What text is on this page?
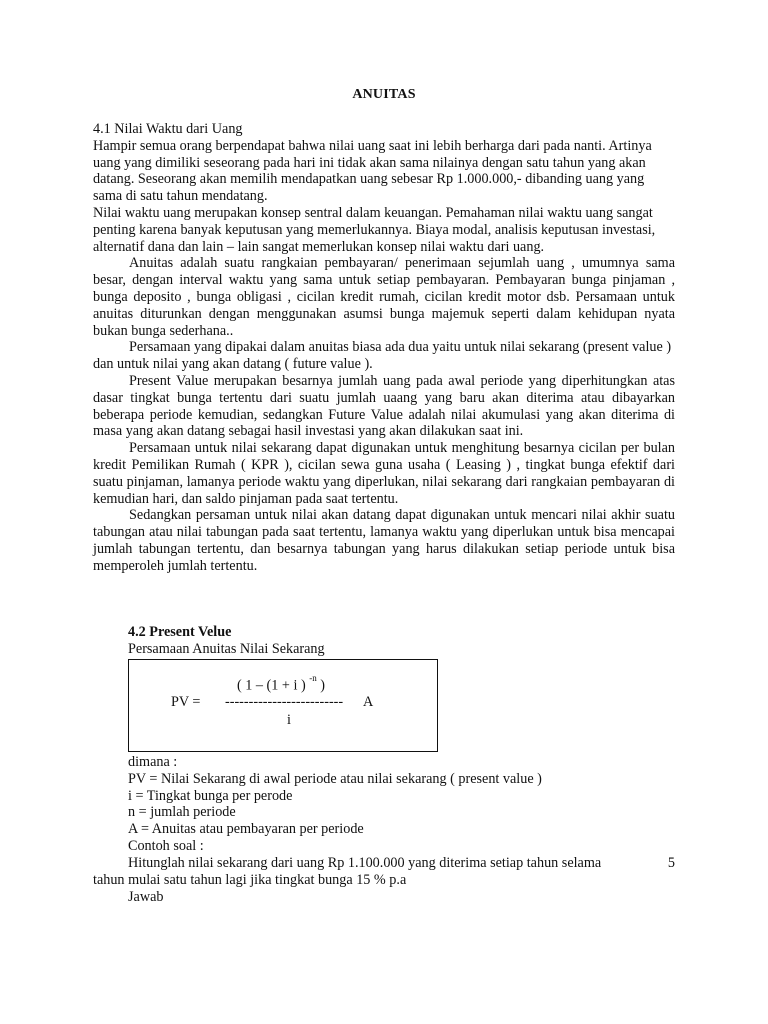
ANUITAS

4.1 Nilai Waktu dari Uang

Hampir semua orang berpendapat bahwa nilai uang saat ini lebih berharga dari pada nanti. Artinya uang yang dimiliki seseorang pada hari ini tidak akan sama nilainya dengan satu tahun yang akan datang. Seseorang akan memilih mendapatkan uang sebesar Rp 1.000.000,- dibanding uang yang sama di satu tahun mendatang.

Nilai waktu uang merupakan konsep sentral dalam keuangan. Pemahaman nilai waktu uang sangat penting karena banyak keputusan yang memerlukannya. Biaya modal, analisis keputusan investasi, alternatif dana dan lain – lain sangat memerlukan konsep nilai waktu dari uang.

Anuitas adalah suatu rangkaian pembayaran/ penerimaan sejumlah uang , umumnya sama besar, dengan interval waktu yang sama untuk setiap pembayaran. Pembayaran bunga pinjaman , bunga deposito , bunga obligasi , cicilan kredit rumah, cicilan kredit motor dsb. Persamaan untuk anuitas diturunkan dengan menggunakan asumsi bunga majemuk seperti dalam kehidupan nyata bukan bunga sederhana..

Persamaan yang dipakai dalam anuitas biasa ada dua yaitu untuk nilai sekarang (present value ) dan untuk nilai yang akan datang ( future value ).

Present Value merupakan besarnya jumlah uang pada awal periode yang diperhitungkan atas dasar tingkat bunga tertentu dari suatu jumlah uaang yang baru akan diterima atau dibayarkan beberapa periode kemudian, sedangkan Future Value adalah nilai akumulasi yang akan diterima di masa yang akan datang sebagai hasil investasi yang akan dilakukan saat ini.

Persamaan untuk nilai sekarang dapat digunakan untuk menghitung besarnya cicilan per bulan kredit Pemilikan Rumah ( KPR ), cicilan sewa guna usaha ( Leasing ) , tingkat bunga efektif dari suatu pinjaman, lamanya periode waktu yang diperlukan, nilai sekarang dari rangkaian pembayaran di kemudian hari, dan saldo pinjaman pada saat tertentu.

Sedangkan persaman untuk nilai akan datang dapat digunakan untuk mencari nilai akhir suatu tabungan atau nilai tabungan pada saat tertentu, lamanya waktu yang diperlukan untuk bisa mencapai jumlah tabungan tertentu, dan besarnya tabungan yang harus dilakukan setiap periode untuk bisa memperoleh jumlah tertentu.

4.2 Present Velue
Persamaan Anuitas Nilai Sekarang
( 1 – (1 + i ) $^{-n}$ )
PV = ------------------------- A
i
dimana :
PV = Nilai Sekarang di awal periode atau nilai sekarang ( present value )
i = Tingkat bunga per perode
n = jumlah periode
A = Anuitas atau pembayaran per periode
Contoh soal :
Hitunglah nilai sekarang dari uang Rp 1.100.000 yang diterima setiap tahun selama	5
tahun mulai satu tahun lagi jika tingkat bunga 15 % p.a
Jawab
